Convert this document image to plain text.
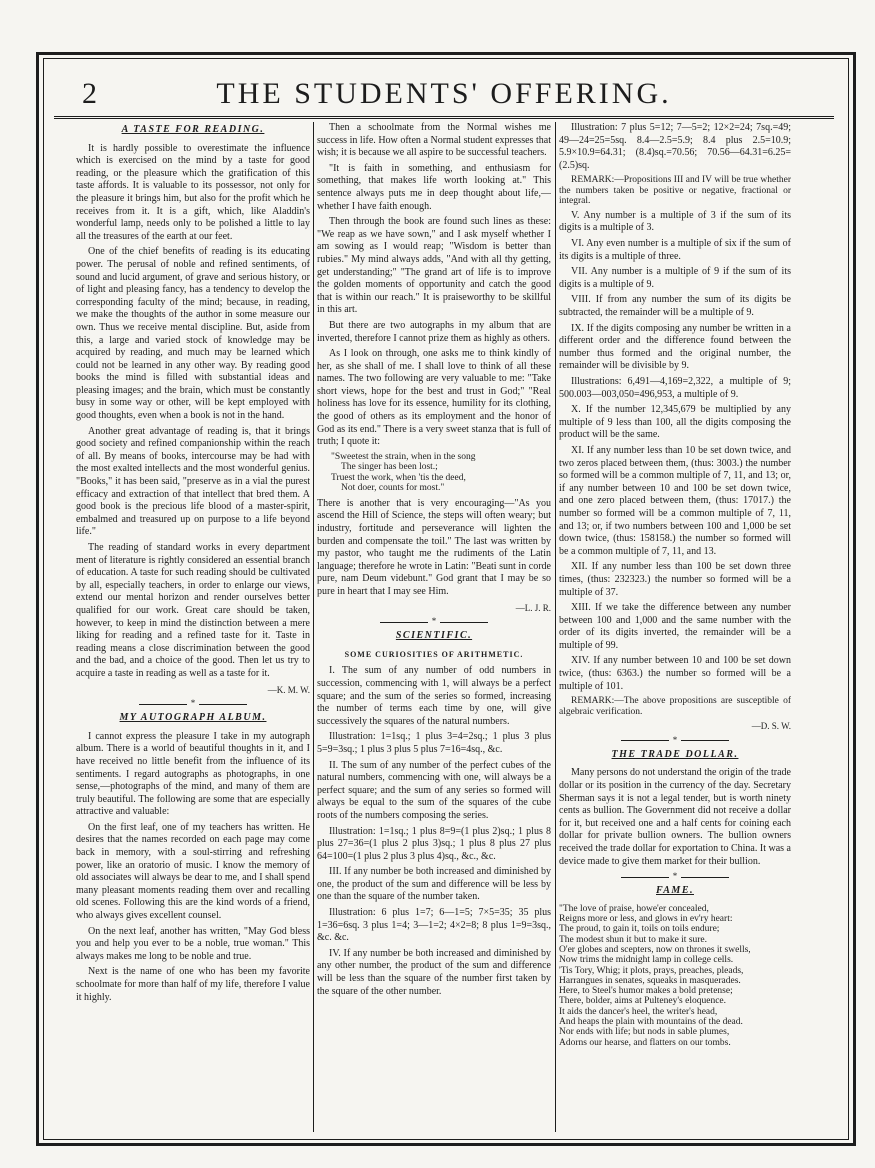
2	THE STUDENTS' OFFERING.
A TASTE FOR READING.

It is hardly possible to overestimate the influence which is exercised on the mind by a taste for good reading, or the pleasure which the gratification of this taste affords. It is valuable to its possessor, not only for the pleasure it brings him, but also for the profit which he receives from it. It is a gift, which, like Aladdin's wonderful lamp, needs only to be polished a little to lay all the treasures of the earth at our feet.

One of the chief benefits of reading is its educating power. The perusal of noble and refined sentiments, of sound and lucid argument, of grave and serious history, or of light and pleasing fancy, has a tendency to develop the corresponding faculty of the mind; because, in reading, we make the thoughts of the author in some measure our own. Thus we receive mental discipline. But, aside from this, a large and varied stock of knowledge may be acquired by reading, and much may be learned which could not be learned in any other way. By reading good books the mind is filled with substantial ideas and pleasing images; and the brain, which must be constantly busy in some way or other, will be kept employed with good thoughts, even when a book is not in the hand.

Another great advantage of reading is, that it brings good society and refined companionship within the reach of all. By means of books, intercourse may be had with the most exalted intellects and the most wonderful genius. "Books," it has been said, "preserve as in a vial the purest efficacy and extraction of that intellect that bred them. A good book is the precious life blood of a master-spirit, embalmed and treasured up on purpose to a life beyond life."

The reading of standard works in every department ment of literature is rightly considered an essential branch of education. A taste for such reading should be cultivated by all, especially teachers, in order to enlarge our views, extend our mental horizon and render ourselves better qualified for our work. Great care should be taken, however, to keep in mind the distinction between a mere liking for reading and a refined taste for it. Taste in reading means a close discrimination between the good and the bad, and a choice of the good. Then let us try to acquire a taste in reading as well as a taste for it.

—K. M. W.
*
MY AUTOGRAPH ALBUM.

I cannot express the pleasure I take in my autograph album. There is a world of beautiful thoughts in it, and I have received no little benefit from the influence of its sentiments. I regard autographs as photographs, in one sense,—photographs of the mind, and many of them are truly beautiful. The following are some that are especially attractive and valuable:

On the first leaf, one of my teachers has written. He desires that the names recorded on each page may come back in memory, with a soul-stirring and refreshing power, like an oratorio of music. I know the memory of old associates will always be dear to me, and I shall spend many pleasant moments reading them over and recalling old scenes. Following this are the kind words of a friend, who always gives excellent counsel.

On the next leaf, another has written, "May God bless you and help you ever to be a noble, true woman." This always makes me long to be noble and true.

Next is the name of one who has been my favorite schoolmate for more than half of my life, therefore I value it highly.

Then a schoolmate from the Normal wishes me success in life. How often a Normal student expresses that wish; it is because we all aspire to be successful teachers.

"It is faith in something, and enthusiasm for something, that makes life worth looking at." This sentence always puts me in deep thought about life,—whether I have faith enough.

Then through the book are found such lines as these: "We reap as we have sown," and I ask myself whether I am sowing as I would reap; "Wisdom is better than rubies." My mind always adds, "And with all thy getting, get understanding;" "The grand art of life is to improve the golden moments of opportunity and catch the good that is within our reach." It is praiseworthy to be skillful in this art.

But there are two autographs in my album that are inverted, therefore I cannot prize them as highly as others.

As I look on through, one asks me to think kindly of her, as she shall of me. I shall love to think of all these names. The two following are very valuable to me: "Take short views, hope for the best and trust in God;" "Real holiness has love for its essence, humility for its clothing, the good of others as its employment and the honor of God as its end." There is a very sweet stanza that is full of truth; I quote it:

"Sweetest the strain, when in the song
The singer has been lost.;
Truest the work, when 'tis the deed,
Not doer, counts for most."

There is another that is very encouraging—"As you ascend the Hill of Science, the steps will often weary; but industry, fortitude and perseverance will lighten the burden and compensate the toil." The last was written by my pastor, who taught me the rudiments of the Latin language; therefore he wrote in Latin: "Beati sunt in corde pure, nam Deum videbunt." God grant that I may be so pure in heart that I may see Him.

—L. J. R.
*
SCIENTIFIC.
SOME CURIOSITIES OF ARITHMETIC.

I. The sum of any number of odd numbers in succession, commencing with 1, will always be a perfect square; and the sum of the series so formed, increasing the number of terms each time by one, will give successively the squares of the natural numbers.

Illustration: 1=1sq.; 1 plus 3=4=2sq.; 1 plus 3 plus 5=9=3sq.; 1 plus 3 plus 5 plus 7=16=4sq., &c.

II. The sum of any number of the perfect cubes of the natural numbers, commencing with one, will always be a perfect square; and the sum of any series so formed will always be equal to the sum of the squares of the cube roots of the numbers composing the series.

Illustration: 1=1sq.; 1 plus 8=9=(1 plus 2)sq.; 1 plus 8 plus 27=36=(1 plus 2 plus 3)sq.; 1 plus 8 plus 27 plus 64=100=(1 plus 2 plus 3 plus 4)sq., &c., &c.

III. If any number be both increased and diminished by one, the product of the sum and difference will be less by one than the square of the number taken.

Illustration: 6 plus 1=7; 6—1=5; 7×5=35; 35 plus 1=36=6sq. 3 plus 1=4; 3—1=2; 4×2=8; 8 plus 1=9=3sq., &c. &c.

IV. If any number be both increased and diminished by any other number, the product of the sum and difference will be less than the square of the number first taken by the square of the other number.

Illustration: 7 plus 5=12; 7—5=2; 12×2=24; 7sq.=49; 49—24=25=5sq. 8.4—2.5=5.9; 8.4 plus 2.5=10.9; 5.9×10.9=64.31; (8.4)sq.=70.56; 70.56—64.31=6.25=(2.5)sq.

REMARK:—Propositions III and IV will be true whether the numbers taken be positive or negative, fractional or integral.

V. Any number is a multiple of 3 if the sum of its digits is a multiple of 3.

VI. Any even number is a multiple of six if the sum of its digits is a multiple of three.

VII. Any number is a multiple of 9 if the sum of its digits is a multiple of 9.

VIII. If from any number the sum of its digits be subtracted, the remainder will be a multiple of 9.

IX. If the digits composing any number be written in a different order and the difference found between the number thus formed and the original number, the remainder will be divisible by 9.

Illustrations: 6,491—4,169=2,322, a multiple of 9; 500.003—003,050=496,953, a multiple of 9.

X. If the number 12,345,679 be multiplied by any multiple of 9 less than 100, all the digits composing the product will be the same.

XI. If any number less than 10 be set down twice, and two zeros placed between them, (thus: 3003.) the number so formed will be a common multiple of 7, 11, and 13; or, if any number between 10 and 100 be set down twice, and one zero placed between them, (thus: 17017.) the number so formed will be a common multiple of 7, 11, and 13; or, if two numbers between 100 and 1,000 be set down twice, (thus: 158158.) the number so formed will be a common multiple of 7, 11, and 13.

XII. If any number less than 100 be set down three times, (thus: 232323.) the number so formed will be a multiple of 37.

XIII. If we take the difference between any number between 100 and 1,000 and the same number with the order of its digits inverted, the remainder will be a multiple of 99.

XIV. If any number between 10 and 100 be set down twice, (thus: 6363.) the number so formed will be a multiple of 101.

REMARK:—The above propositions are susceptible of algebraic verification.

—D. S. W.
*
THE TRADE DOLLAR.

Many persons do not understand the origin of the trade dollar or its position in the currency of the day. Secretary Sherman says it is not a legal tender, but is worth ninety cents as bullion. The Government did not receive a dollar for it, but received one and a half cents for coining each dollar for private bullion owners. The bullion owners received the trade dollar for exportation to China. It was a device made to give them market for their bullion.

*
FAME.
"The love of praise, howe'er concealed,
Reigns more or less, and glows in ev'ry heart:
The proud, to gain it, toils on toils endure;
The modest shun it but to make it sure.
O'er globes and scepters, now on thrones it swells,
Now trims the midnight lamp in college cells.
'Tis Tory, Whig; it plots, prays, preaches, pleads,
Harrangues in senates, squeaks in masquerades.
Here, to Steel's humor makes a bold pretense;
There, bolder, aims at Pulteney's eloquence.
It aids the dancer's heel, the writer's head,
And heaps the plain with mountains of the dead.
Nor ends with life; but nods in sable plumes,
Adorns our hearse, and flatters on our tombs.
